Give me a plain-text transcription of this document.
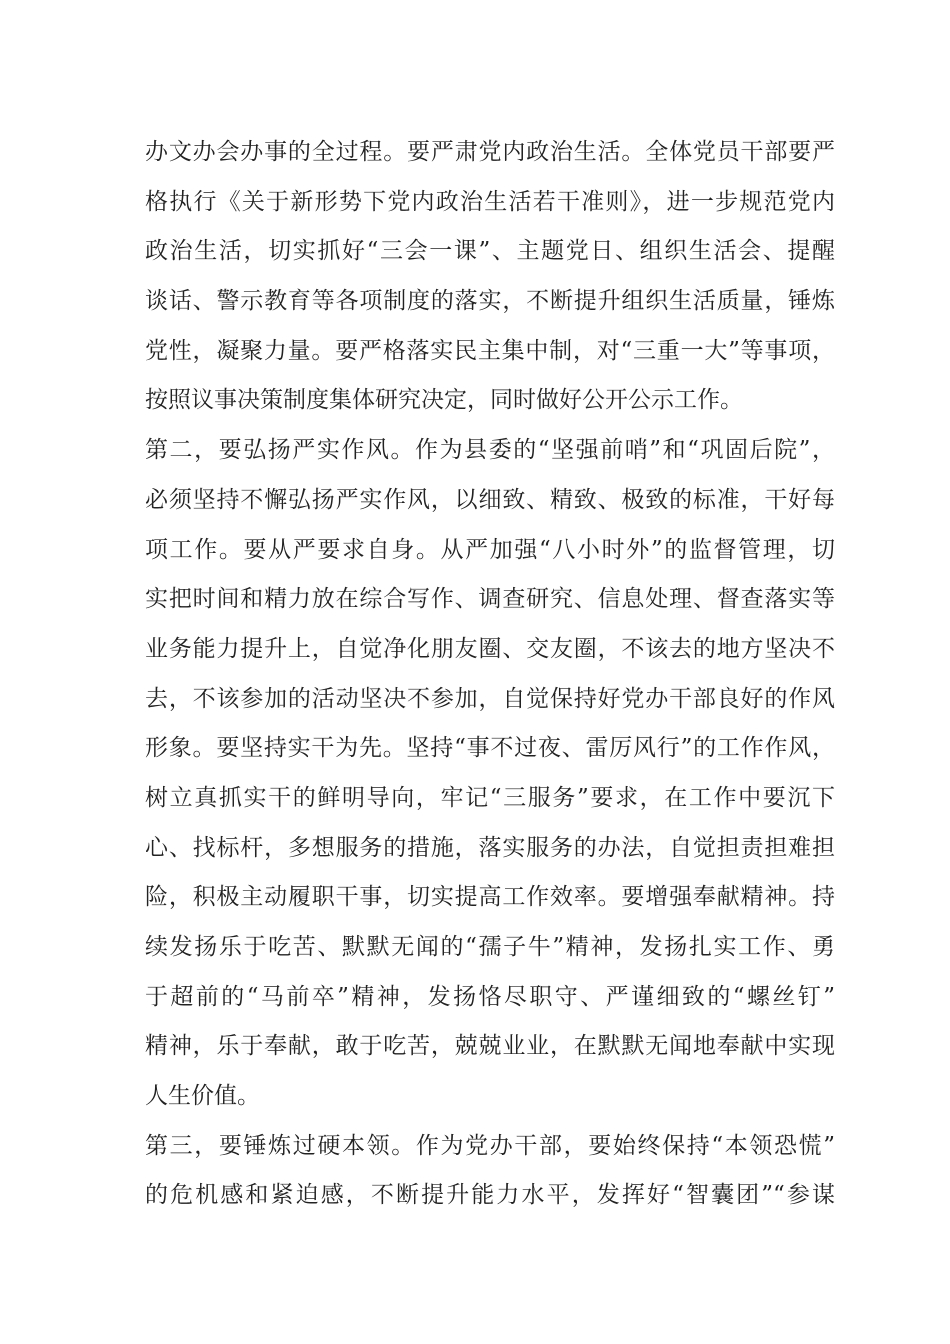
办文办会办事的全过程。要严肃党内政治生活。全体党员干部要严
格执行《关于新形势下党内政治生活若干准则》，进一步规范党内
政治生活，切实抓好“三会一课”、主题党日、组织生活会、提醒
谈话、警示教育等各项制度的落实，不断提升组织生活质量，锤炼
党性，凝聚力量。要严格落实民主集中制，对“三重一大”等事项，
按照议事决策制度集体研究决定，同时做好公开公示工作。
第二，要弘扬严实作风。作为县委的“坚强前哨”和“巩固后院”，
必须坚持不懈弘扬严实作风，以细致、精致、极致的标准，干好每
项工作。要从严要求自身。从严加强“八小时外”的监督管理，切
实把时间和精力放在综合写作、调查研究、信息处理、督查落实等
业务能力提升上，自觉净化朋友圈、交友圈，不该去的地方坚决不
去，不该参加的活动坚决不参加，自觉保持好党办干部良好的作风
形象。要坚持实干为先。坚持“事不过夜、雷厉风行”的工作作风，
树立真抓实干的鲜明导向，牢记“三服务”要求，在工作中要沉下
心、找标杆，多想服务的措施，落实服务的办法，自觉担责担难担
险，积极主动履职干事，切实提高工作效率。要增强奉献精神。持
续发扬乐于吃苦、默默无闻的“孺子牛”精神，发扬扎实工作、勇
于超前的“马前卒”精神，发扬恪尽职守、严谨细致的“螺丝钉”
精神，乐于奉献，敢于吃苦，兢兢业业，在默默无闻地奉献中实现
人生价值。
第三，要锤炼过硬本领。作为党办干部，要始终保持“本领恐慌”
的危机感和紧迫感，不断提升能力水平，发挥好“智囊团”“参谋
